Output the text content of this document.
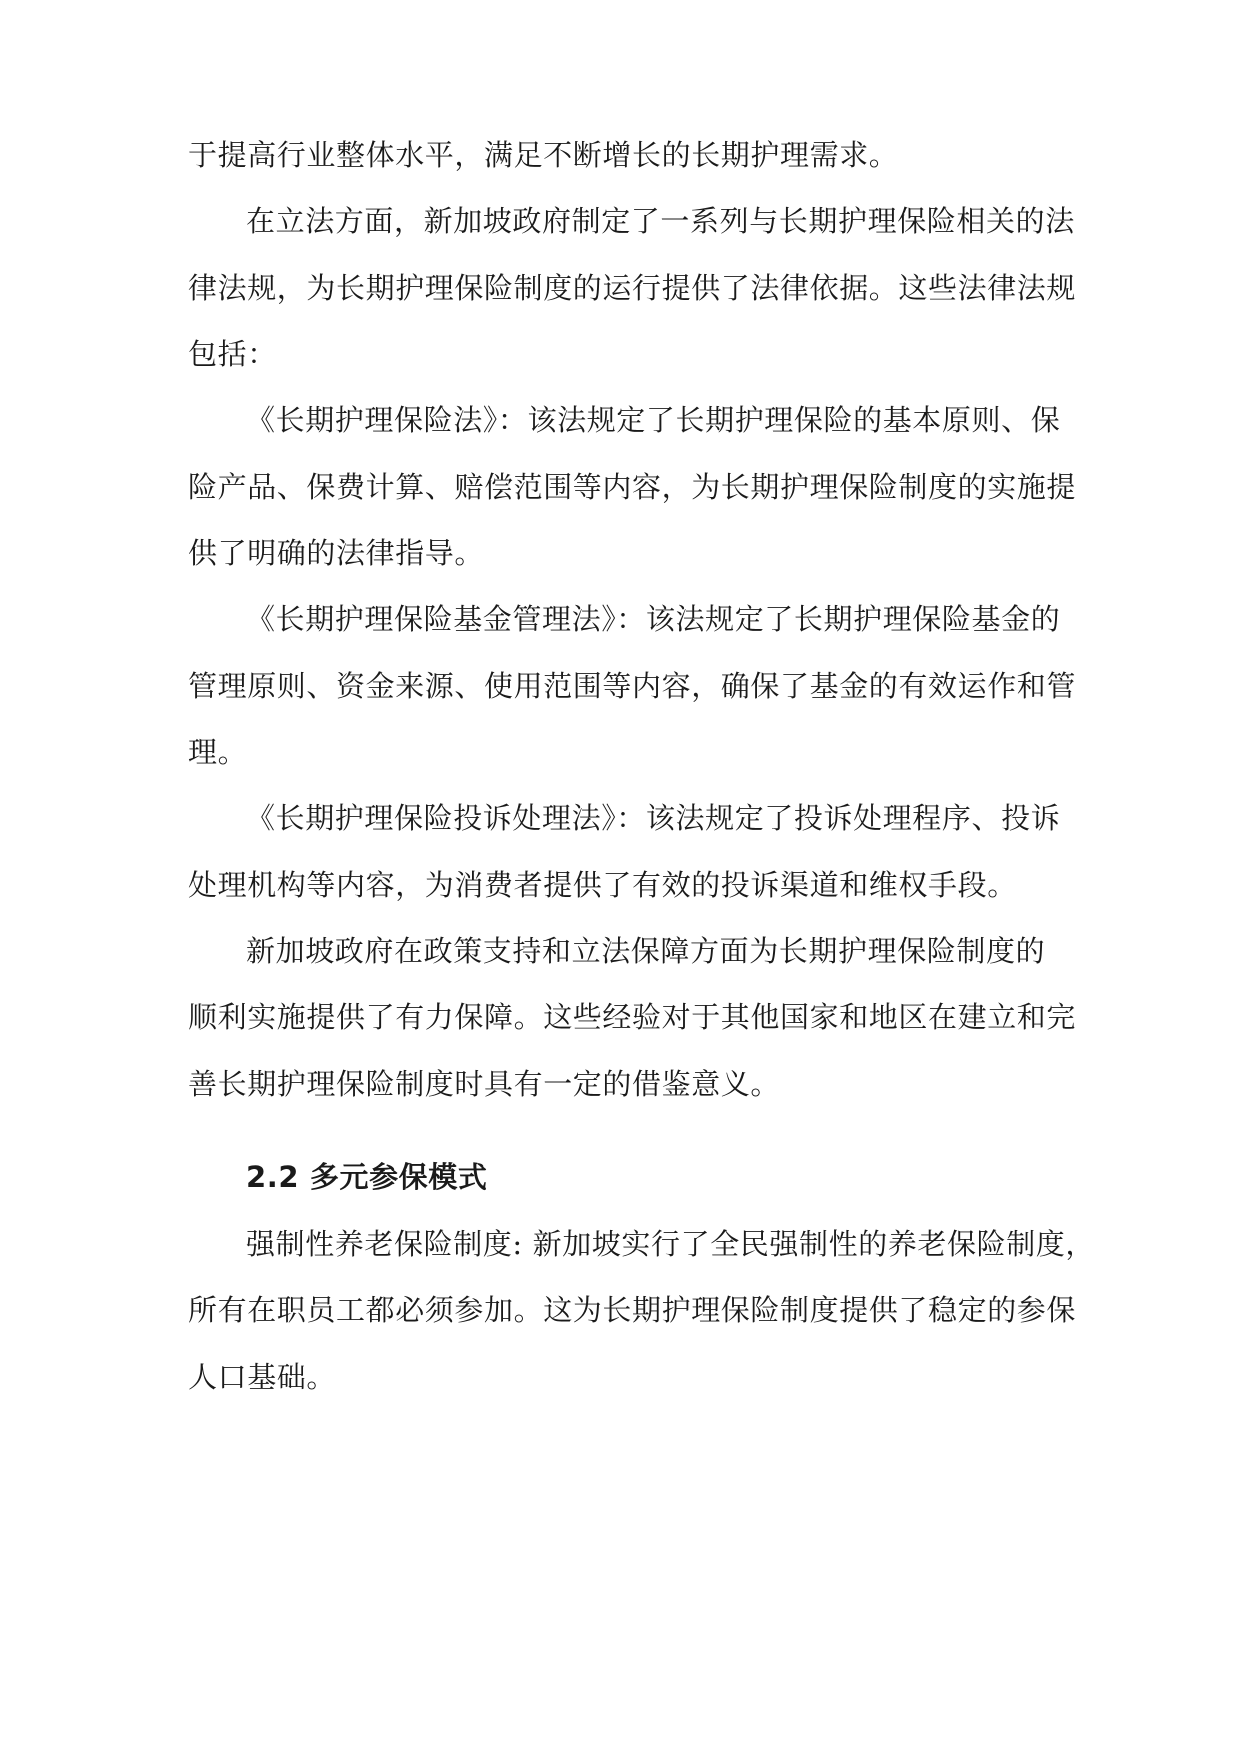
于提高行业整体水平，满足不断增长的长期护理需求。

在立法方面，新加坡政府制定了一系列与长期护理保险相关的法

律法规，为长期护理保险制度的运行提供了法律依据。这些法律法规

包括：

《长期护理保险法》：该法规定了长期护理保险的基本原则、保

险产品、保费计算、赔偿范围等内容，为长期护理保险制度的实施提

供了明确的法律指导。

《长期护理保险基金管理法》：该法规定了长期护理保险基金的

管理原则、资金来源、使用范围等内容，确保了基金的有效运作和管

理。

《长期护理保险投诉处理法》：该法规定了投诉处理程序、投诉

处理机构等内容，为消费者提供了有效的投诉渠道和维权手段。

新加坡政府在政策支持和立法保障方面为长期护理保险制度的

顺利实施提供了有力保障。这些经验对于其他国家和地区在建立和完

善长期护理保险制度时具有一定的借鉴意义。

2.2 多元参保模式

强制性养老保险制度: 新加坡实行了全民强制性的养老保险制度，

所有在职员工都必须参加。这为长期护理保险制度提供了稳定的参保

人口基础。
